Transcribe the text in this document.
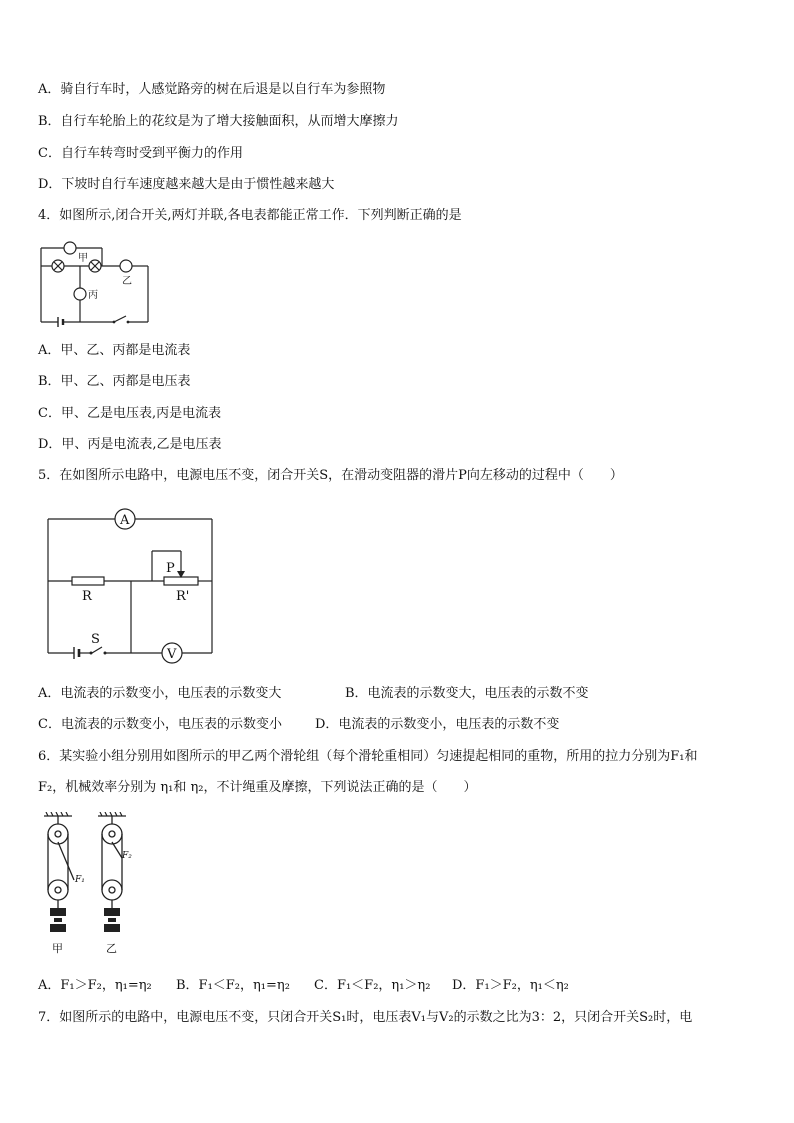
A．骑自行车时，人感觉路旁的树在后退是以自行车为参照物
B．自行车轮胎上的花纹是为了增大接触面积，从而增大摩擦力
C．自行车转弯时受到平衡力的作用
D．下坡时自行车速度越来越大是由于惯性越来越大
4．如图所示,闭合开关,两灯并联,各电表都能正常工作．下列判断正确的是
甲
乙
丙
A．甲、乙、丙都是电流表
B．甲、乙、丙都是电压表
C．甲、乙是电压表,丙是电流表
D．甲、丙是电流表,乙是电压表
5．在如图所示电路中，电源电压不变，闭合开关S，在滑动变阻器的滑片P向左移动的过程中（　　）
A
V
R	R'
P
S
A．电流表的示数变小，电压表的示数变大	B．电流表的示数变大，电压表的示数不变
C．电流表的示数变小，电压表的示数变小	D．电流表的示数变小，电压表的示数不变
6．某实验小组分别用如图所示的甲乙两个滑轮组（每个滑轮重相同）匀速提起相同的重物，所用的拉力分别为F₁和
F₂，机械效率分别为 η₁和 η₂，不计绳重及摩擦，下列说法正确的是（　　）
F₁
F₂
甲	乙
A．F₁＞F₂，η₁=η₂ B．F₁＜F₂，η₁=η₂ C．F₁＜F₂，η₁＞η₂ D．F₁＞F₂，η₁＜η₂
7．如图所示的电路中，电源电压不变，只闭合开关S₁时，电压表V₁与V₂的示数之比为3：2，只闭合开关S₂时，电
